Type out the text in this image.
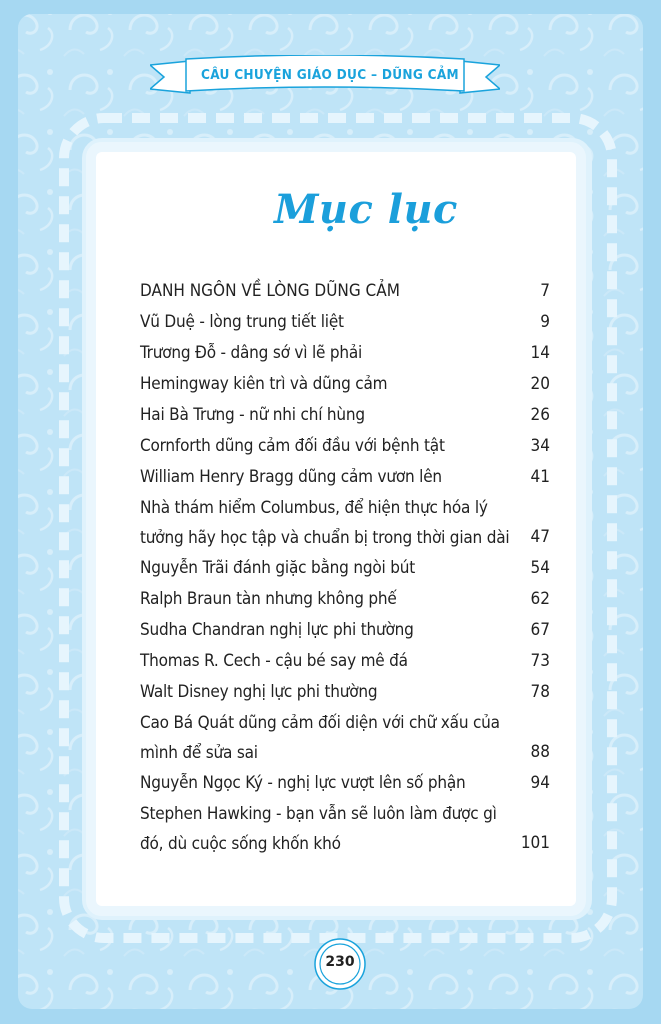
CÂU CHUYỆN GIÁO DỤC – DŨNG CẢM
Mục lục
DANH NGÔN VỀ LÒNG DŨNG CẢM	7
Vũ Duệ - lòng trung tiết liệt	9
Trương Đỗ - dâng sớ vì lẽ phải	14
Hemingway kiên trì và dũng cảm	20
Hai Bà Trưng - nữ nhi chí hùng	26
Cornforth dũng cảm đối đầu với bệnh tật	34
William Henry Bragg dũng cảm vươn lên	41
Nhà thám hiểm Columbus, để hiện thực hóa lý tưởng hãy học tập và chuẩn bị trong thời gian dài	47
Nguyễn Trãi đánh giặc bằng ngòi bút	54
Ralph Braun tàn nhưng không phế	62
Sudha Chandran nghị lực phi thường	67
Thomas R. Cech - cậu bé say mê đá	73
Walt Disney nghị lực phi thường	78
Cao Bá Quát dũng cảm đối diện với chữ xấu của mình để sửa sai	88
Nguyễn Ngọc Ký - nghị lực vượt lên số phận	94
Stephen Hawking - bạn vẫn sẽ luôn làm được gì đó, dù cuộc sống khốn khó	101
230
